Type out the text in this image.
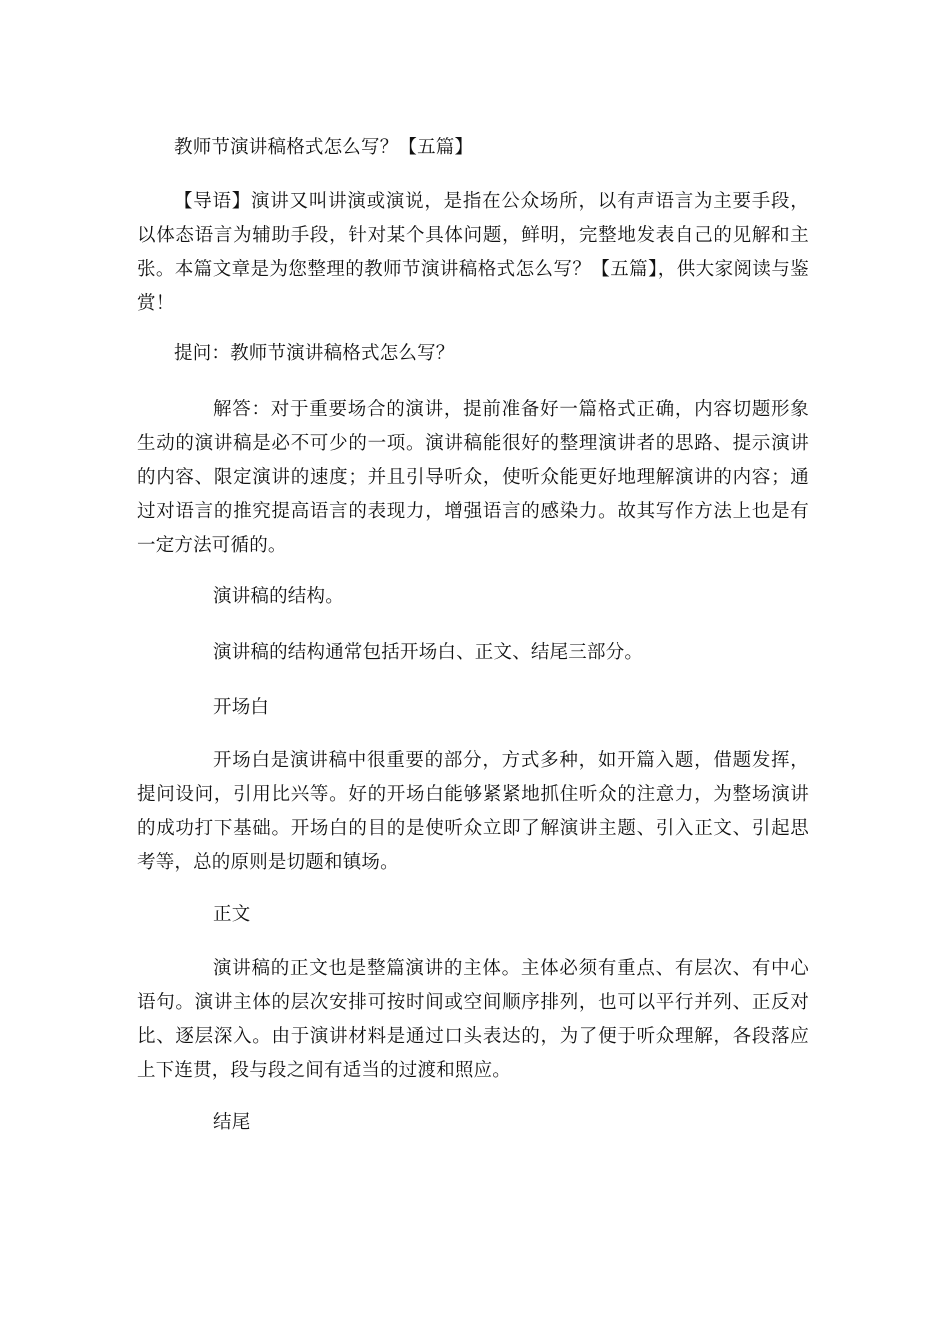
教师节演讲稿格式怎么写？【五篇】

【导语】演讲又叫讲演或演说，是指在公众场所，以有声语言为主要手段，以体态语言为辅助手段，针对某个具体问题，鲜明，完整地发表自己的见解和主张。本篇文章是为您整理的教师节演讲稿格式怎么写？【五篇】，供大家阅读与鉴赏！

提问：教师节演讲稿格式怎么写？

解答：对于重要场合的演讲，提前准备好一篇格式正确，内容切题形象生动的演讲稿是必不可少的一项。演讲稿能很好的整理演讲者的思路、提示演讲的内容、限定演讲的速度；并且引导听众，使听众能更好地理解演讲的内容；通过对语言的推究提高语言的表现力，增强语言的感染力。故其写作方法上也是有一定方法可循的。

演讲稿的结构。

演讲稿的结构通常包括开场白、正文、结尾三部分。

开场白

开场白是演讲稿中很重要的部分，方式多种，如开篇入题，借题发挥，提问设问，引用比兴等。好的开场白能够紧紧地抓住听众的注意力，为整场演讲的成功打下基础。开场白的目的是使听众立即了解演讲主题、引入正文、引起思考等，总的原则是切题和镇场。

正文

演讲稿的正文也是整篇演讲的主体。主体必须有重点、有层次、有中心语句。演讲主体的层次安排可按时间或空间顺序排列，也可以平行并列、正反对比、逐层深入。由于演讲材料是通过口头表达的，为了便于听众理解，各段落应上下连贯，段与段之间有适当的过渡和照应。

结尾
